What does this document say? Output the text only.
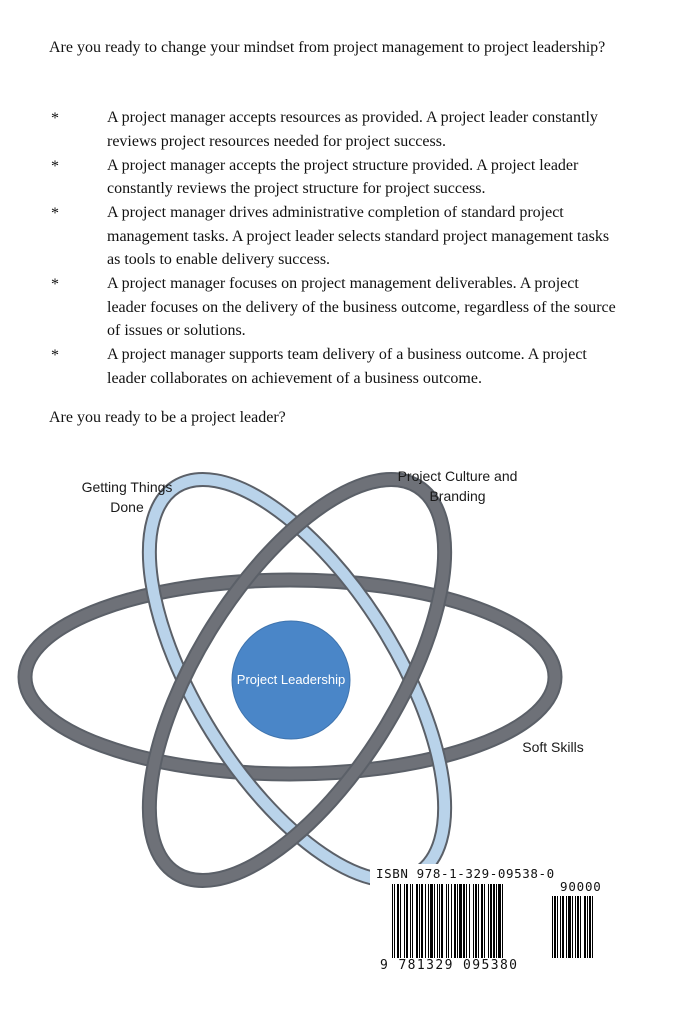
Are you ready to change your mindset from project management to project leadership?

*	A project manager accepts resources as provided. A project leader constantly reviews project resources needed for project success.
*	A project manager accepts the project structure provided. A project leader constantly reviews the project structure for project success.
*	A project manager drives administrative completion of standard project management tasks. A project leader selects standard project management tasks as tools to enable delivery success.
*	A project manager focuses on project management deliverables. A project leader focuses on the delivery of the business outcome, regardless of the source of issues or solutions.
*	A project manager supports team delivery of a business outcome. A project leader collaborates on achievement of a business outcome.

Are you ready to be a project leader?

Project Leadership
Getting Things Done
Project Culture and Branding
Soft Skills
ISBN 978-1-329-09538-0
90000
9 781329 095380
